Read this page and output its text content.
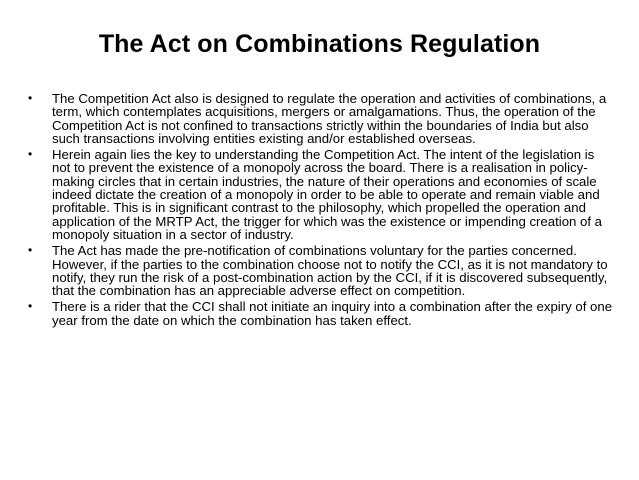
The Act on Combinations Regulation
• The Competition Act also is designed to regulate the operation and activities of combinations, a term, which contemplates acquisitions, mergers or amalgamations. Thus, the operation of the Competition Act is not confined to transactions strictly within the boundaries of India but also such transactions involving entities existing and/or established overseas.
• Herein again lies the key to understanding the Competition Act. The intent of the legislation is not to prevent the existence of a monopoly across the board. There is a realisation in policy-making circles that in certain industries, the nature of their operations and economies of scale indeed dictate the creation of a monopoly in order to be able to operate and remain viable and profitable. This is in significant contrast to the philosophy, which propelled the operation and application of the MRTP Act, the trigger for which was the existence or impending creation of a monopoly situation in a sector of industry.
• The Act has made the pre-notification of combinations voluntary for the parties concerned. However, if the parties to the combination choose not to notify the CCI, as it is not mandatory to notify, they run the risk of a post-combination action by the CCI, if it is discovered subsequently, that the combination has an appreciable adverse effect on competition.
• There is a rider that the CCI shall not initiate an inquiry into a combination after the expiry of one year from the date on which the combination has taken effect.
